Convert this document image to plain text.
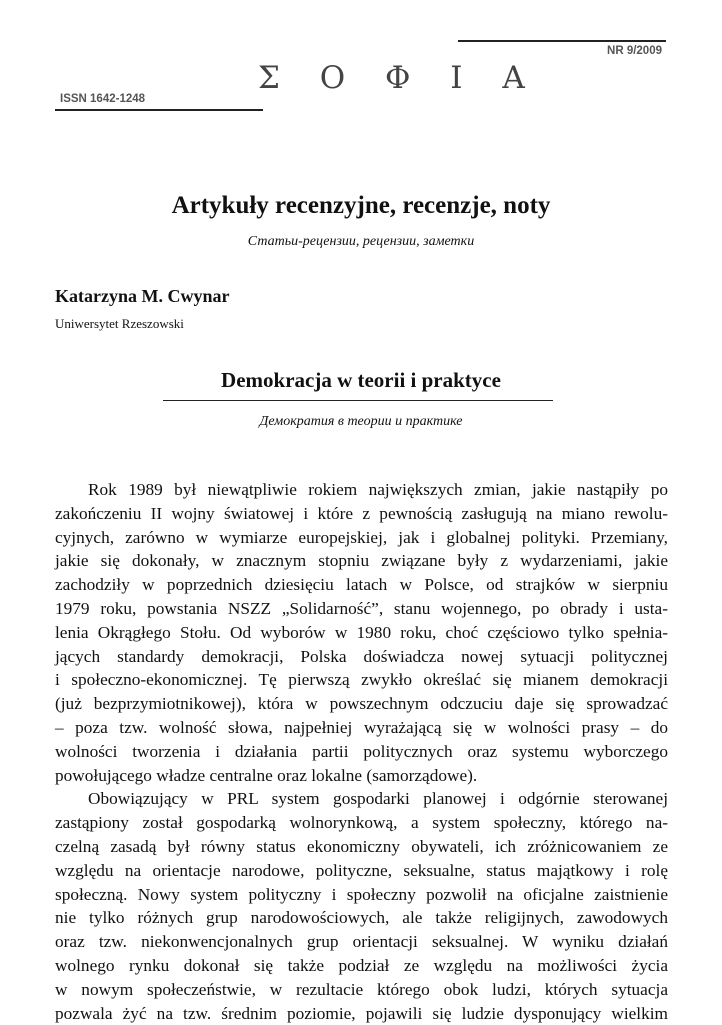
NR 9/2009
Σ Ο Φ Ι Α
ISSN 1642-1248
Artykuły recenzyjne, recenzje, noty
Статьи-рецензии, рецензии, заметки
Katarzyna M. Cwynar
Uniwersytet Rzeszowski
Demokracja w teorii i praktyce
Демократия в теории и практике
Rok 1989 był niewątpliwie rokiem największych zmian, jakie nastąpiły po
zakończeniu II wojny światowej i które z pewnością zasługują na miano rewolu-
cyjnych, zarówno w wymiarze europejskiej, jak i globalnej polityki. Przemiany,
jakie się dokonały, w znacznym stopniu związane były z wydarzeniami, jakie
zachodziły w poprzednich dziesięciu latach w Polsce, od strajków w sierpniu
1979 roku, powstania NSZZ „Solidarność”, stanu wojennego, po obrady i usta-
lenia Okrągłego Stołu. Od wyborów w 1980 roku, choć częściowo tylko spełnia-
jących standardy demokracji, Polska doświadcza nowej sytuacji politycznej
i społeczno-ekonomicznej. Tę pierwszą zwykło określać się mianem demokracji
(już bezprzymiotnikowej), która w powszechnym odczuciu daje się sprowadzać
– poza tzw. wolność słowa, najpełniej wyrażającą się w wolności prasy – do
wolności tworzenia i działania partii politycznych oraz systemu wyborczego
powołującego władze centralne oraz lokalne (samorządowe).
Obowiązujący w PRL system gospodarki planowej i odgórnie sterowanej
zastąpiony został gospodarką wolnorynkową, a system społeczny, którego na-
czelną zasadą był równy status ekonomiczny obywateli, ich zróżnicowaniem ze
względu na orientacje narodowe, polityczne, seksualne, status majątkowy i rolę
społeczną. Nowy system polityczny i społeczny pozwolił na oficjalne zaistnienie
nie tylko różnych grup narodowościowych, ale także religijnych, zawodowych
oraz tzw. niekonwencjonalnych grup orientacji seksualnej. W wyniku działań
wolnego rynku dokonał się także podział ze względu na możliwości życia
w nowym społeczeństwie, w rezultacie którego obok ludzi, których sytuacja
pozwala żyć na tzw. średnim poziomie, pojawili się ludzie dysponujący wielkim
